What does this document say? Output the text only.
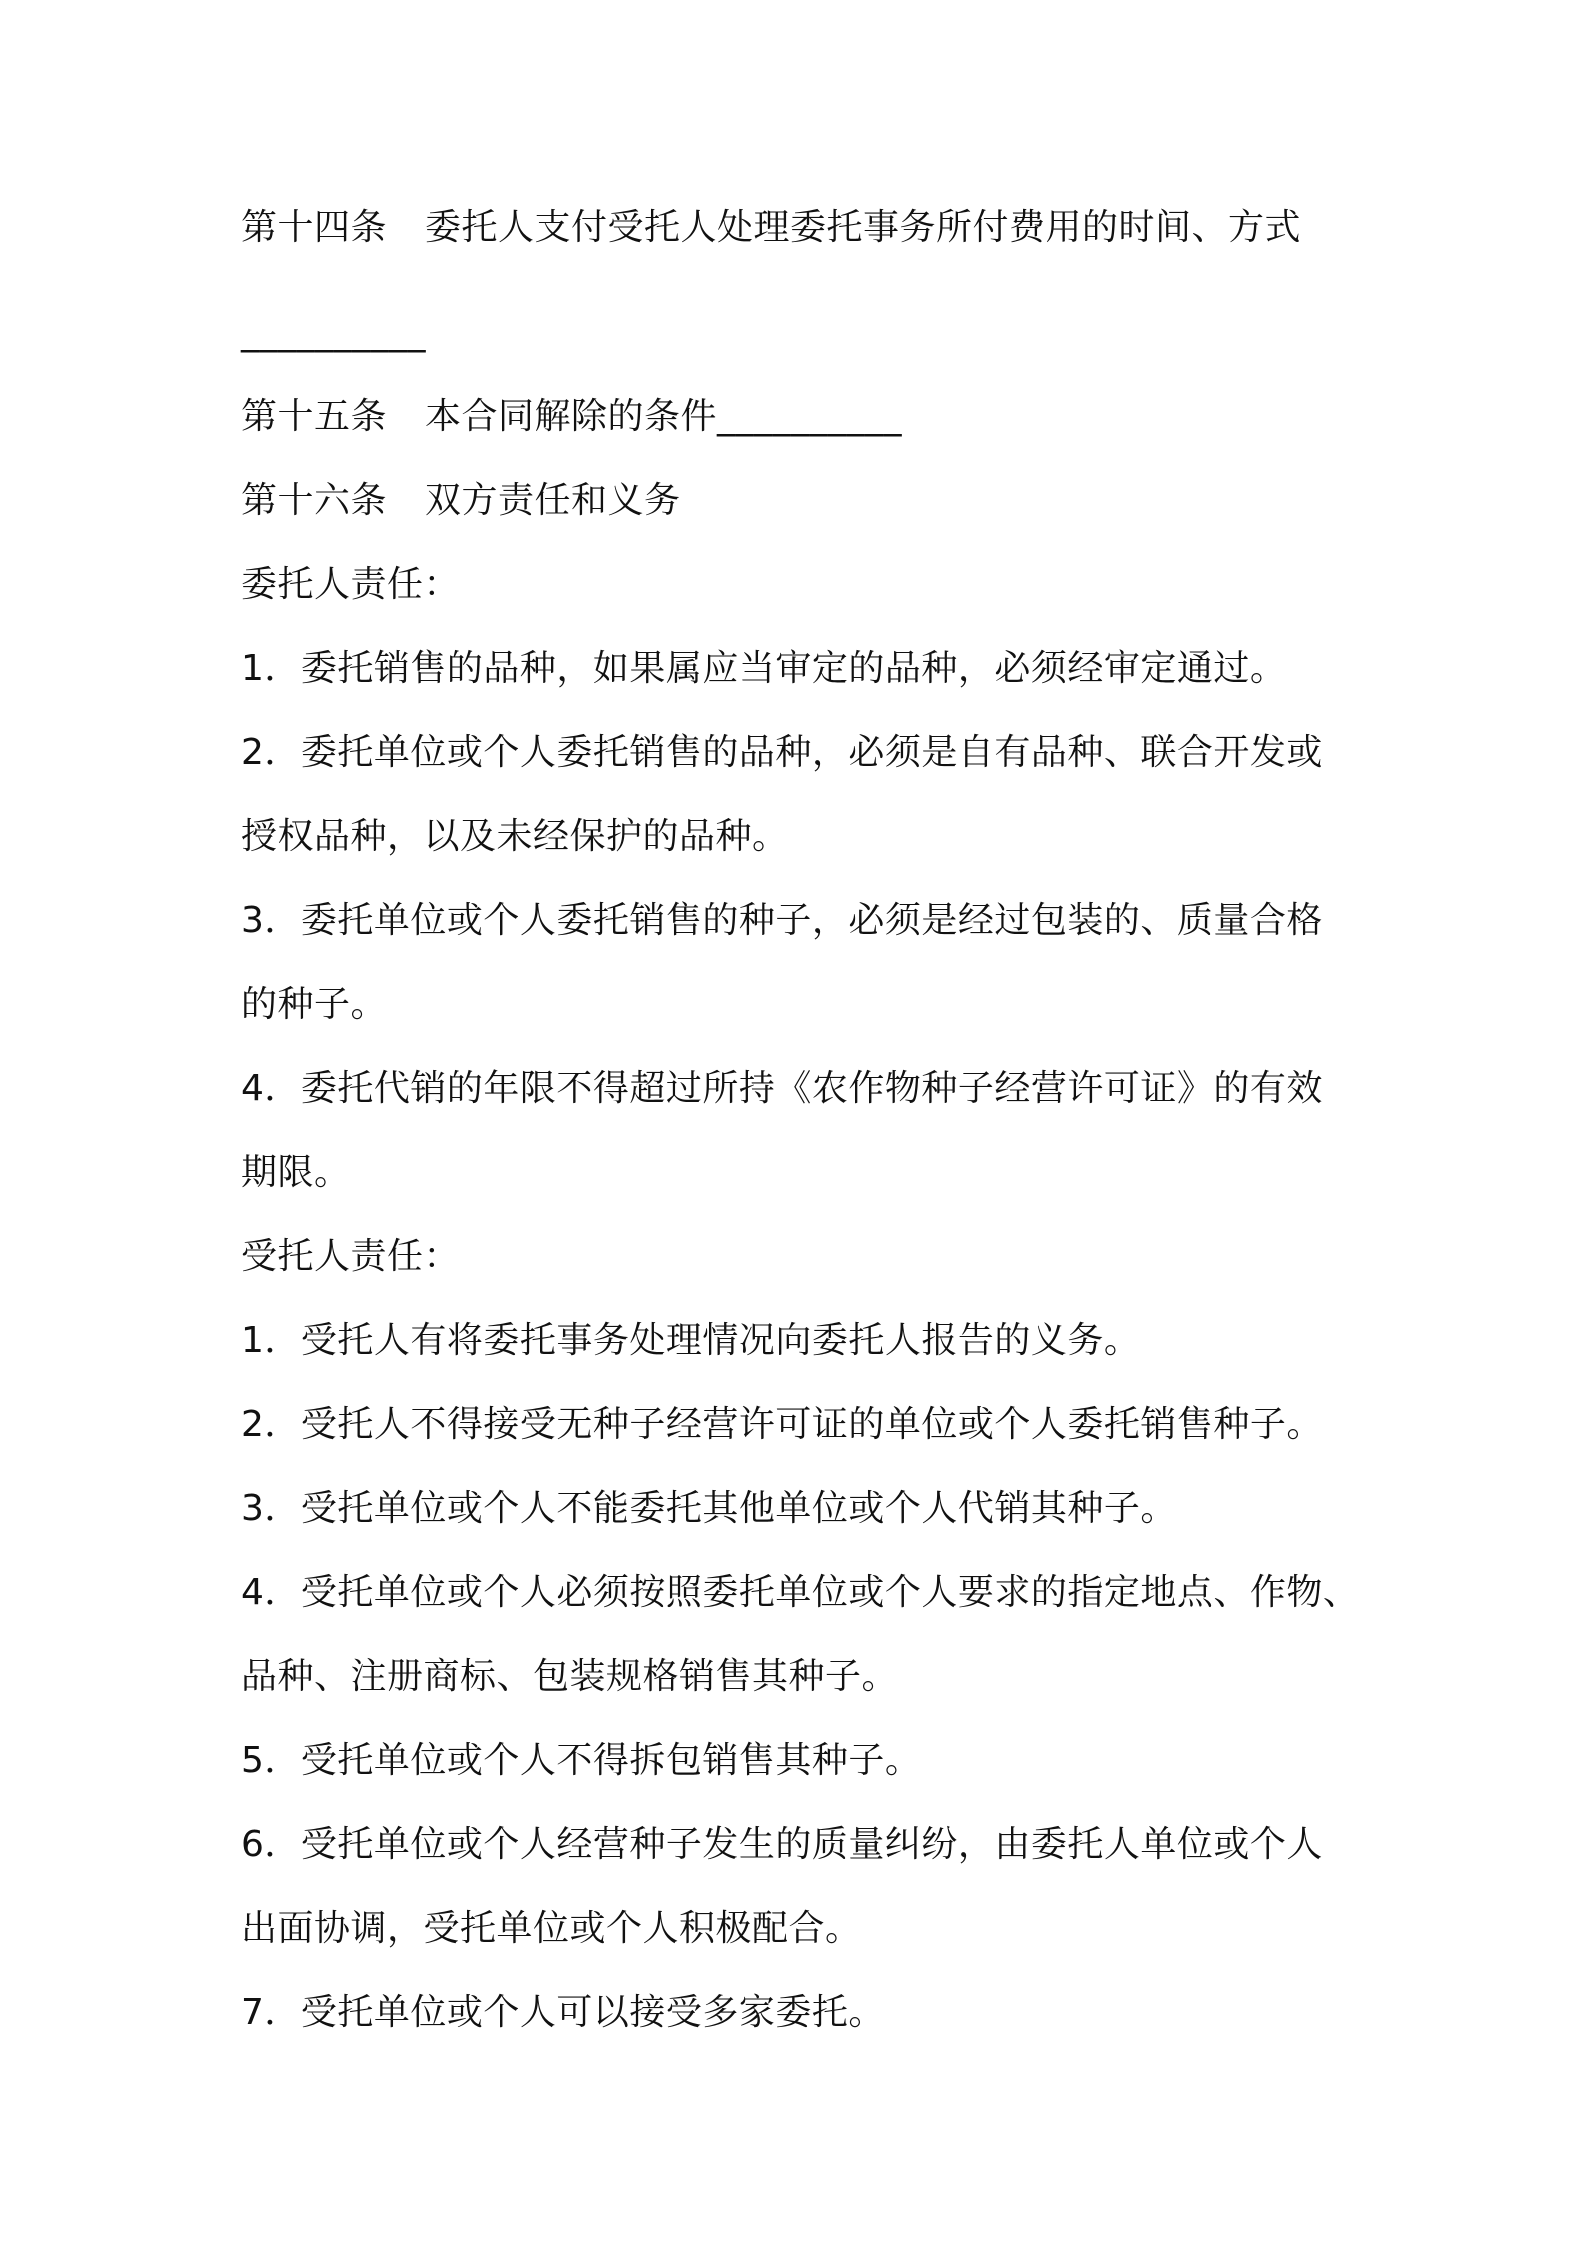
第十四条 委托人支付受托人处理委托事务所付费用的时间、方式
__________
第十五条 本合同解除的条件__________
第十六条 双方责任和义务
委托人责任：
1．委托销售的品种，如果属应当审定的品种，必须经审定通过。
2．委托单位或个人委托销售的品种，必须是自有品种、联合开发或
授权品种，以及未经保护的品种。
3．委托单位或个人委托销售的种子，必须是经过包装的、质量合格
的种子。
4．委托代销的年限不得超过所持《农作物种子经营许可证》的有效
期限。
受托人责任：
1．受托人有将委托事务处理情况向委托人报告的义务。
2．受托人不得接受无种子经营许可证的单位或个人委托销售种子。
3．受托单位或个人不能委托其他单位或个人代销其种子。
4．受托单位或个人必须按照委托单位或个人要求的指定地点、作物、
品种、注册商标、包装规格销售其种子。
5．受托单位或个人不得拆包销售其种子。
6．受托单位或个人经营种子发生的质量纠纷，由委托人单位或个人
出面协调，受托单位或个人积极配合。
7．受托单位或个人可以接受多家委托。
